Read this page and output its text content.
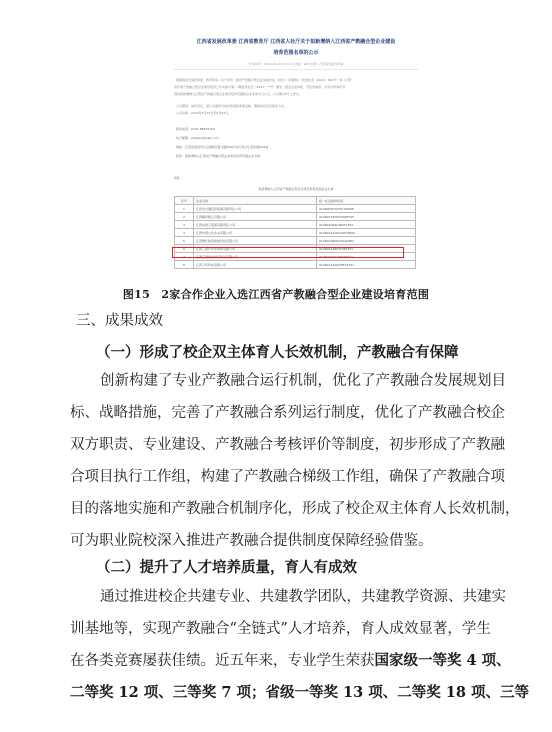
江西省发展改革委 江西省教育厅 江西省人社厅关于拟新增纳入江西省产教融合型企业建设
培育范围名单的公示
发布时间：2024-05-20 14:10 点击数：967 来源：江西省发展改革委
根据国家发展改革委、教育部等《关于印发《建设产教融合型企业实施办法（试行）》的通知》（发改社会〔2019〕590号）和《江西
省开展产教融合型企业建设培育工作实施方案》（赣发改社会〔2021〕**号）要求，经过企业申报、设区市推荐、专家评审等环节，
现将拟新增纳入江西省产教融合型企业建设培育范围的企业名单予以公示，公示期为5个工作日。
公示期间，如有异议，请以书面形式向省发展改革委反映，署真实姓名及联系方式。
公示时间：2024年5月20日至5月24日。
联系电话：0791-88615105
电子邮箱：jxfgwsh@126.com
地址：江西省南昌市红谷滩新区卧龙路999号省行政中心西四楼414室
附件：拟新增纳入江西省产教融合型企业建设培育范围企业名单
附件
拟新增纳入江西省产教融合型企业建设培育范围企业名单
序号	企业名称	统一社会信用代码
1	江西省交通投资集团有限责任公司	91360000705515402B
2	江西赣县稀土有限公司	91360732MA35Q6FT2F
3	江西省建工集团有限责任公司	913601063C4B2F1F5A
4	江西中寰立达实业有限公司	91360121MA3AP2HD0K
5	江西博长制造智能科技有限公司	91360106MA35L9A5E3
6	江西三星汽车零部件有限公司	91360423667F4E2XP1
7	江西汇通智能制造科技有限公司	91360406770F66291C
8	江西万华科技有限公司	91360122MA38F23TX1
图15　2家合作企业入选江西省产教融合型企业建设培育范围
三、成果成效
（一）形成了校企双主体育人长效机制，产教融合有保障

创新构建了专业产教融合运行机制，优化了产教融合发展规划目

标、战略措施，完善了产教融合系列运行制度，优化了产教融合校企

双方职责、专业建设、产教融合考核评价等制度，初步形成了产教融

合项目执行工作组，构建了产教融合梯级工作组，确保了产教融合项

目的落地实施和产教融合机制序化，形成了校企双主体育人长效机制，

可为职业院校深入推进产教融合提供制度保障经验借鉴。

（二）提升了人才培养质量，育人有成效

通过推进校企共建专业、共建教学团队，共建教学资源、共建实

训基地等，实现产教融合“全链式”人才培养，育人成效显著，学生

在各类竞赛屡获佳绩。近五年来，专业学生荣获国家级一等奖 4 项、

二等奖 12 项、三等奖 7 项；省级一等奖 13 项、二等奖 18 项、三等
